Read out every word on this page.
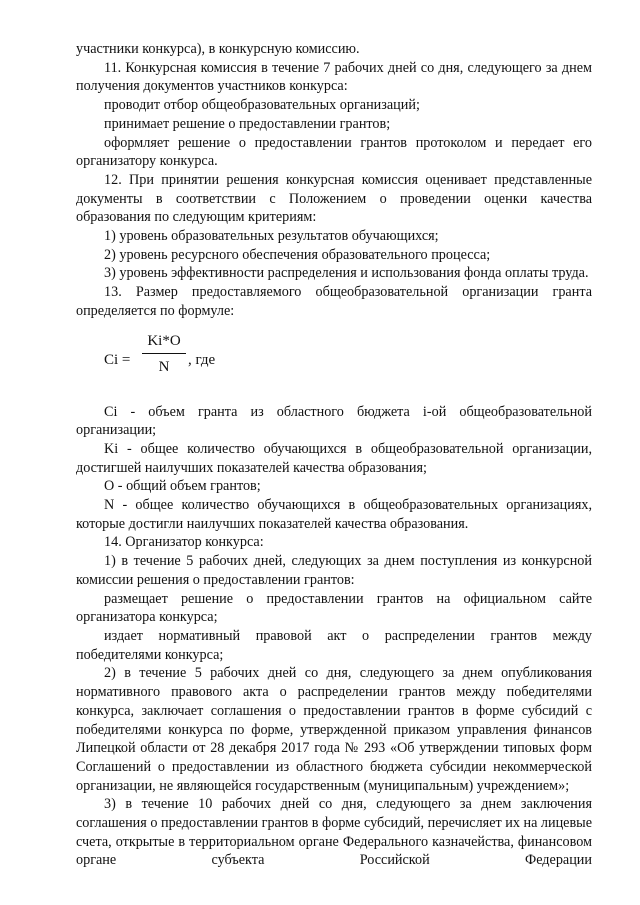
участники конкурса), в конкурсную комиссию.

11. Конкурсная комиссия в течение 7 рабочих дней со дня, следующего за днем получения документов участников конкурса:

проводит отбор общеобразовательных организаций;

принимает решение о предоставлении грантов;

оформляет решение о предоставлении грантов протоколом и передает его организатору конкурса.

12. При принятии решения конкурсная комиссия оценивает представленные документы в соответствии с Положением о проведении оценки качества образования по следующим критериям:

1) уровень образовательных результатов обучающихся;

2) уровень ресурсного обеспечения образовательного процесса;

3) уровень эффективности распределения и использования фонда оплаты труда.

13. Размер предоставляемого общеобразовательной организации гранта определяется по формуле:

Ci =
Ki*O
N	, где

Ci - объем гранта из областного бюджета i-ой общеобразовательной организации;

Ki - общее количество обучающихся в общеобразовательной организации, достигшей наилучших показателей качества образования;

О - общий объем грантов;

N - общее количество обучающихся в общеобразовательных организациях, которые достигли наилучших показателей качества образования.

14. Организатор конкурса:

1) в течение 5 рабочих дней, следующих за днем поступления из конкурсной комиссии решения о предоставлении грантов:

размещает решение о предоставлении грантов на официальном сайте организатора конкурса;

издает нормативный правовой акт о распределении грантов между победителями конкурса;

2) в течение 5 рабочих дней со дня, следующего за днем опубликования нормативного правового акта о распределении грантов между победителями конкурса, заключает соглашения о предоставлении грантов в форме субсидий с победителями конкурса по форме, утвержденной приказом управления финансов Липецкой области от 28 декабря 2017 года № 293 «Об утверждении типовых форм Соглашений о предоставлении из областного бюджета субсидии некоммерческой организации, не являющейся государственным (муниципальным) учреждением»;

3) в течение 10 рабочих дней со дня, следующего за днем заключения соглашения о предоставлении грантов в форме субсидий, перечисляет их на лицевые счета, открытые в территориальном органе Федерального казначейства, финансовом органе субъекта Российской Федерации
